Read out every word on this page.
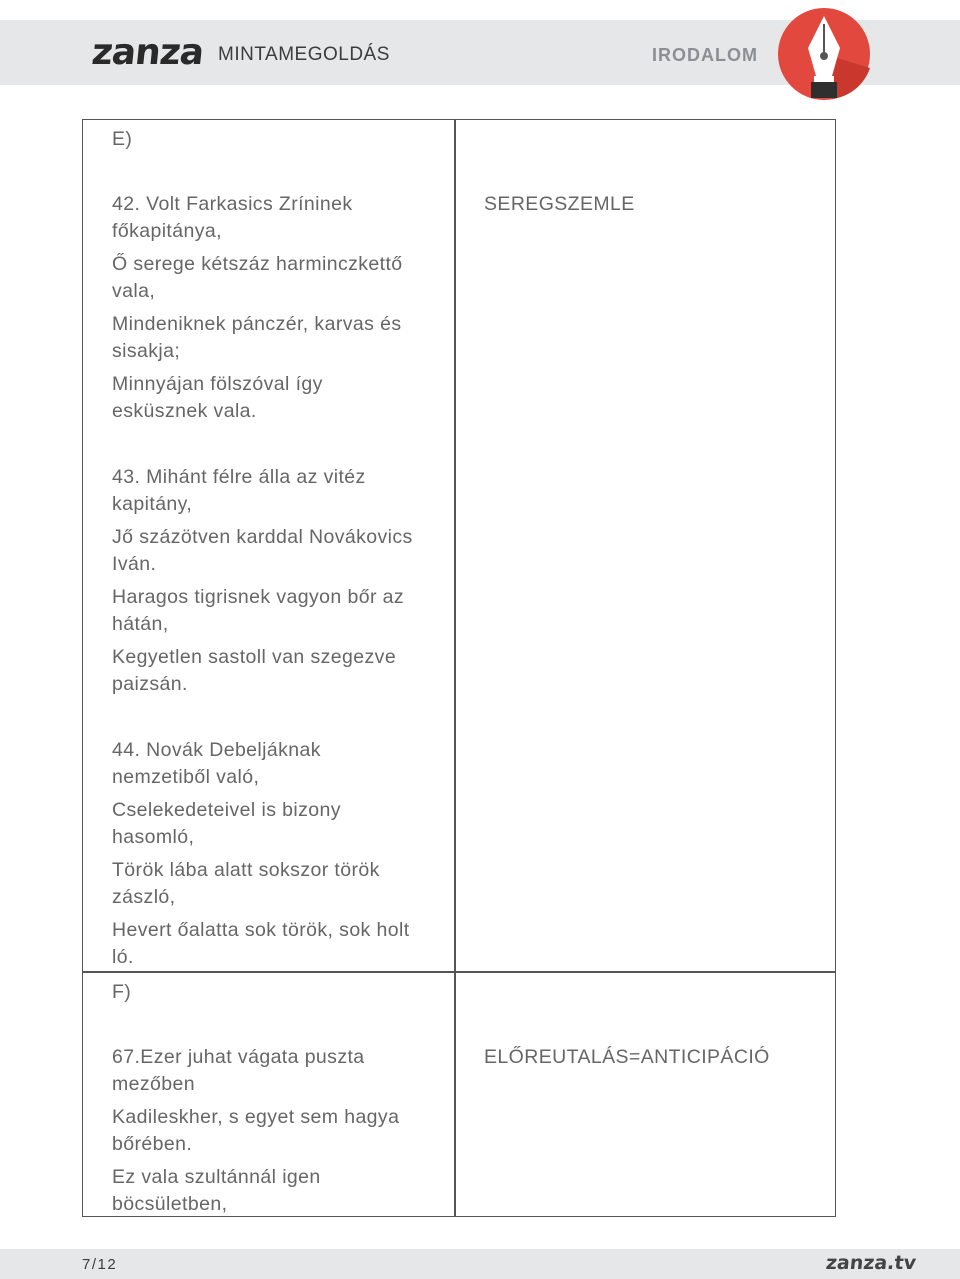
zanza MINTAMEGOLDÁS	IRODALOM
E)
42. Volt Farkasics Zríninek
főkapitánya,
Ő serege kétszáz harminczkettő
vala,
Mindeniknek pánczér, karvas és
sisakja;
Minnyájan fölszóval így
esküsznek vala.
43. Mihánt félre álla az vitéz
kapitány,
Jő százötven karddal Novákovics
Iván.
Haragos tigrisnek vagyon bőr az
hátán,
Kegyetlen sastoll van szegezve
paizsán.
44. Novák Debeljáknak
nemzetiből való,
Cselekedeteivel is bizony
hasomló,
Török lába alatt sokszor török
zászló,
Hevert őalatta sok török, sok holt
ló.
F)
67.Ezer juhat vágata puszta
mezőben
Kadileskher, s egyet sem hagya
bőrében.
Ez vala szultánnál igen
böcsületben,
SEREGSZEMLE
ELŐREUTALÁS=ANTICIPÁCIÓ
7/12	zanza.tv
